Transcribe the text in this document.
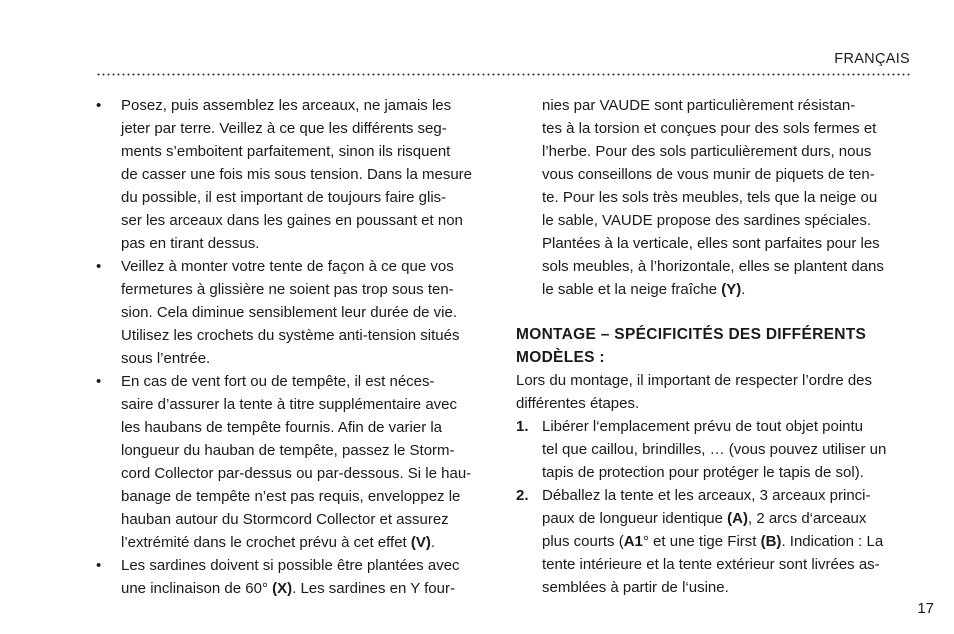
FRANÇAIS
• Posez, puis assemblez les arceaux, ne jamais les
jeter par terre. Veillez à ce que les différents seg-
ments s’emboitent parfaitement, sinon ils risquent
de casser une fois mis sous tension. Dans la mesure
du possible, il est important de toujours faire glis-
ser les arceaux dans les gaines en poussant et non
pas en tirant dessus.
• Veillez à monter votre tente de façon à ce que vos
fermetures à glissière ne soient pas trop sous ten-
sion. Cela diminue sensiblement leur durée de vie.
Utilisez les crochets du système anti-tension situés
sous l’entrée.
• En cas de vent fort ou de tempête, il est néces-
saire d’assurer la tente à titre supplémentaire avec
les haubans de tempête fournis. Afin de varier la
longueur du hauban de tempête, passez le Storm-
cord Collector par-dessus ou par-dessous. Si le hau-
banage de tempête n’est pas requis, enveloppez le
hauban autour du Stormcord Collector et assurez
l’extrémité dans le crochet prévu à cet effet (V).
• Les sardines doivent si possible être plantées avec
une inclinaison de 60° (X). Les sardines en Y four-
nies par VAUDE sont particulièrement résistan-
tes à la torsion et conçues pour des sols fermes et
l’herbe. Pour des sols particulièrement durs, nous
vous conseillons de vous munir de piquets de ten-
te. Pour les sols très meubles, tels que la neige ou
le sable, VAUDE propose des sardines spéciales.
Plantées à la verticale, elles sont parfaites pour les
sols meubles, à l’horizontale, elles se plantent dans
le sable et la neige fraîche (Y).
MONTAGE – SPÉCIFICITÉS DES DIFFÉRENTS
MODÈLES :
Lors du montage, il important de respecter l’ordre des
différentes étapes.
1. Libérer l‘emplacement prévu de tout objet pointu
tel que caillou, brindilles, … (vous pouvez utiliser un
tapis de protection pour protéger le tapis de sol).
2. Déballez la tente et les arceaux, 3 arceaux princi-
paux de longueur identique (A), 2 arcs d‘arceaux
plus courts (A1° et une tige First (B). Indication : La
tente intérieure et la tente extérieur sont livrées as-
semblées à partir de l‘usine.
17
